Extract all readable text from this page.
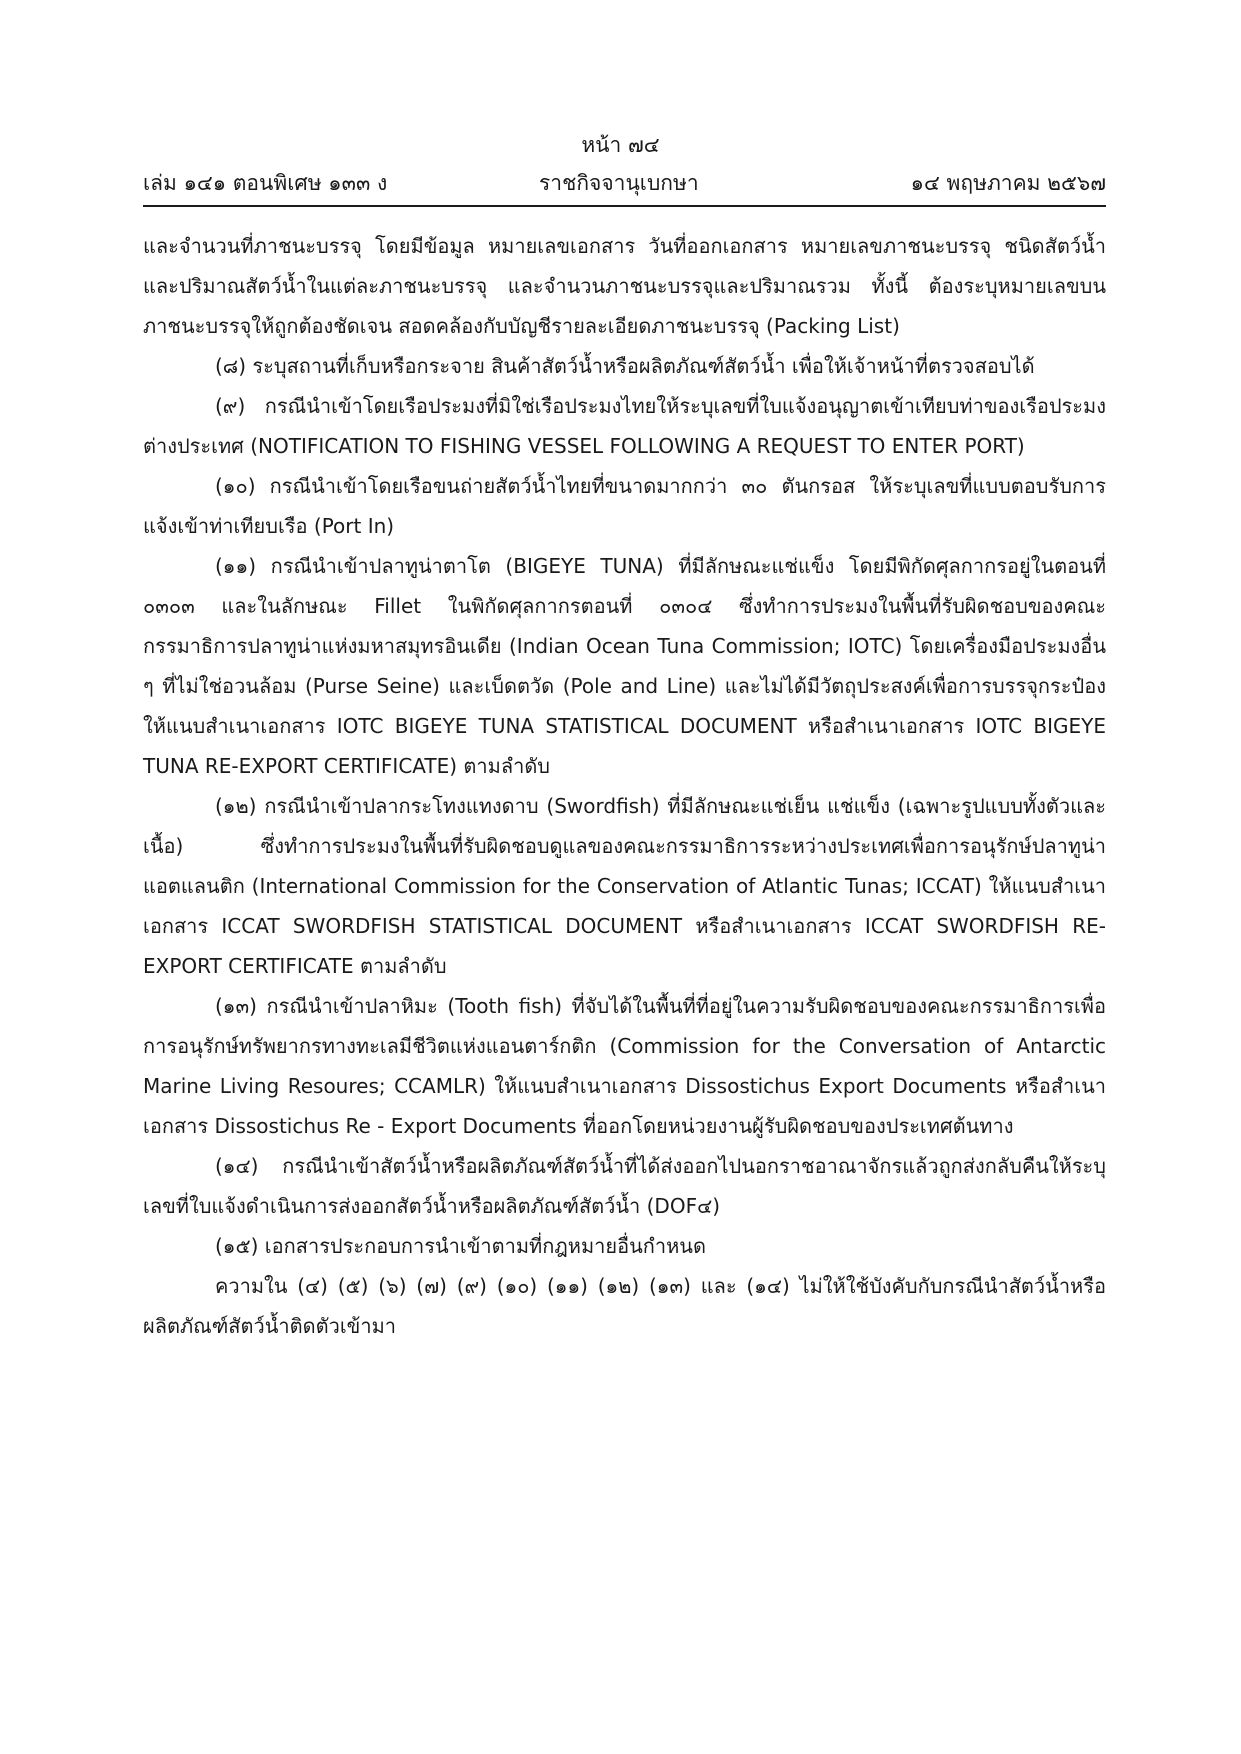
หน้า ๗๔
เล่ม ๑๔๑ ตอนพิเศษ ๑๓๓ ง	ราชกิจจานุเบกษา	๑๔ พฤษภาคม ๒๕๖๗

และจำนวนที่ภาชนะบรรจุ โดยมีข้อมูล หมายเลขเอกสาร วันที่ออกเอกสาร หมายเลขภาชนะบรรจุ ชนิดสัตว์น้ำและปริมาณสัตว์น้ำในแต่ละภาชนะบรรจุ และจำนวนภาชนะบรรจุและปริมาณรวม ทั้งนี้ ต้องระบุหมายเลขบนภาชนะบรรจุให้ถูกต้องชัดเจน สอดคล้องกับบัญชีรายละเอียดภาชนะบรรจุ (Packing List)

(๘) ระบุสถานที่เก็บหรือกระจาย สินค้าสัตว์น้ำหรือผลิตภัณฑ์สัตว์น้ำ เพื่อให้เจ้าหน้าที่ตรวจสอบได้

(๙) กรณีนำเข้าโดยเรือประมงที่มิใช่เรือประมงไทยให้ระบุเลขที่ใบแจ้งอนุญาตเข้าเทียบท่าของเรือประมงต่างประเทศ (NOTIFICATION TO FISHING VESSEL FOLLOWING A REQUEST TO ENTER PORT)

(๑๐) กรณีนำเข้าโดยเรือขนถ่ายสัตว์น้ำไทยที่ขนาดมากกว่า ๓๐ ตันกรอส ให้ระบุเลขที่แบบตอบรับการแจ้งเข้าท่าเทียบเรือ (Port In)

(๑๑) กรณีนำเข้าปลาทูน่าตาโต (BIGEYE TUNA) ที่มีลักษณะแช่แข็ง โดยมีพิกัดศุลกากรอยู่ในตอนที่ ๐๓๐๓ และในลักษณะ Fillet ในพิกัดศุลกากรตอนที่ ๐๓๐๔ ซึ่งทำการประมงในพื้นที่รับผิดชอบของคณะกรรมาธิการปลาทูน่าแห่งมหาสมุทรอินเดีย (Indian Ocean Tuna Commission; IOTC) โดยเครื่องมือประมงอื่น ๆ ที่ไม่ใช่อวนล้อม (Purse Seine) และเบ็ดตวัด (Pole and Line) และไม่ได้มีวัตถุประสงค์เพื่อการบรรจุกระป๋อง ให้แนบสำเนาเอกสาร IOTC BIGEYE TUNA STATISTICAL DOCUMENT หรือสำเนาเอกสาร IOTC BIGEYE TUNA RE-EXPORT CERTIFICATE) ตามลำดับ

(๑๒) กรณีนำเข้าปลากระโทงแทงดาบ (Swordfish) ที่มีลักษณะแช่เย็น แช่แข็ง (เฉพาะรูปแบบทั้งตัวและเนื้อ) ซึ่งทำการประมงในพื้นที่รับผิดชอบดูแลของคณะกรรมาธิการระหว่างประเทศเพื่อการอนุรักษ์ปลาทูน่าแอตแลนติก (International Commission for the Conservation of Atlantic Tunas; ICCAT) ให้แนบสำเนาเอกสาร ICCAT SWORDFISH STATISTICAL DOCUMENT หรือสำเนาเอกสาร ICCAT SWORDFISH RE-EXPORT CERTIFICATE ตามลำดับ

(๑๓) กรณีนำเข้าปลาหิมะ (Tooth fish) ที่จับได้ในพื้นที่ที่อยู่ในความรับผิดชอบของคณะกรรมาธิการเพื่อการอนุรักษ์ทรัพยากรทางทะเลมีชีวิตแห่งแอนตาร์กติก (Commission for the Conversation of Antarctic Marine Living Resoures; CCAMLR) ให้แนบสำเนาเอกสาร Dissostichus Export Documents หรือสำเนาเอกสาร Dissostichus Re - Export Documents ที่ออกโดยหน่วยงานผู้รับผิดชอบของประเทศต้นทาง

(๑๔) กรณีนำเข้าสัตว์น้ำหรือผลิตภัณฑ์สัตว์น้ำที่ได้ส่งออกไปนอกราชอาณาจักรแล้วถูกส่งกลับคืนให้ระบุเลขที่ใบแจ้งดำเนินการส่งออกสัตว์น้ำหรือผลิตภัณฑ์สัตว์น้ำ (DOF๔)

(๑๕) เอกสารประกอบการนำเข้าตามที่กฎหมายอื่นกำหนด

ความใน (๔) (๕) (๖) (๗) (๙) (๑๐) (๑๑) (๑๒) (๑๓) และ (๑๔) ไม่ให้ใช้บังคับกับกรณีนำสัตว์น้ำหรือผลิตภัณฑ์สัตว์น้ำติดตัวเข้ามา
